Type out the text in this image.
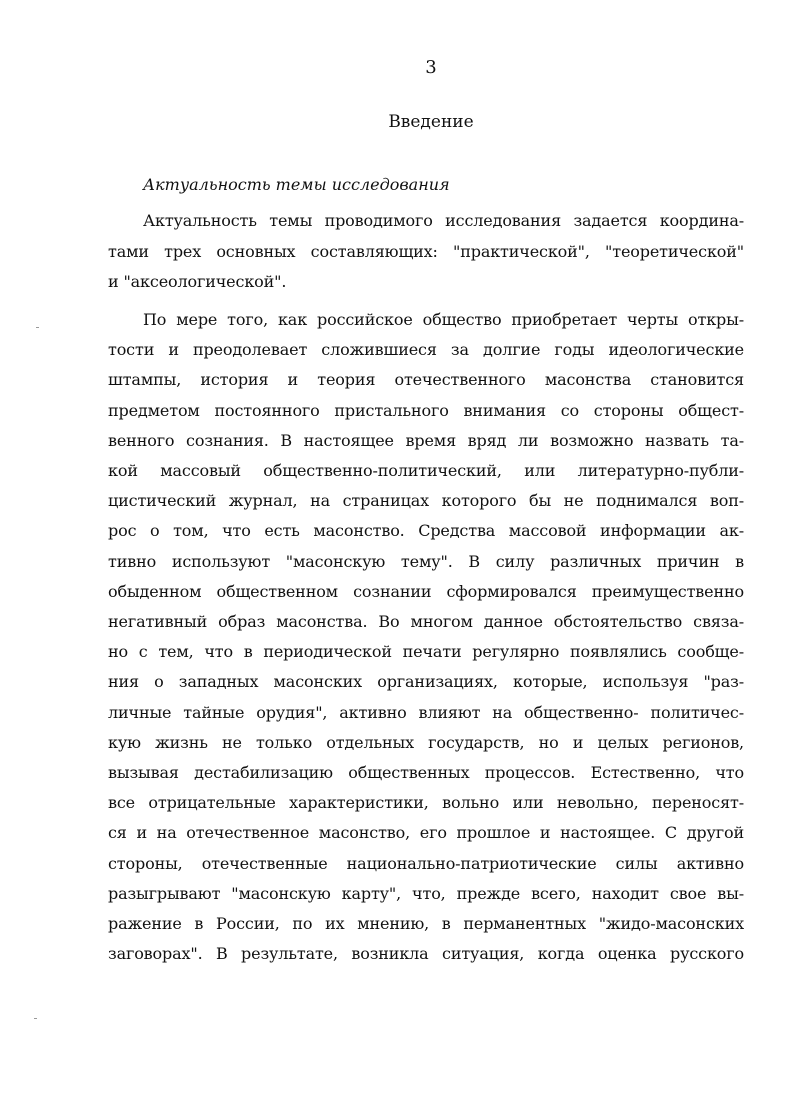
3
Введение
Актуальность темы исследования
Актуальность темы проводимого исследования задается координа-
тами трех основных составляющих: "практической", "теоретической"
и "аксеологической".
По мере того, как российское общество приобретает черты откры-
тости и преодолевает сложившиеся за долгие годы идеологические
штампы, история и теория отечественного масонства становится
предметом постоянного пристального внимания со стороны общест-
венного сознания. В настоящее время вряд ли возможно назвать та-
кой массовый общественно-политический, или литературно-публи-
цистический журнал, на страницах которого бы не поднимался воп-
рос о том, что есть масонство. Средства массовой информации ак-
тивно используют "масонскую тему". В силу различных причин в
обыденном общественном сознании сформировался преимущественно
негативный образ масонства. Во многом данное обстоятельство связа-
но с тем, что в периодической печати регулярно появлялись сообще-
ния о западных масонских организациях, которые, используя "раз-
личные тайные орудия", активно влияют на общественно- политичес-
кую жизнь не только отдельных государств, но и целых регионов,
вызывая дестабилизацию общественных процессов. Естественно, что
все отрицательные характеристики, вольно или невольно, переносят-
ся и на отечественное масонство, его прошлое и настоящее. С другой
стороны, отечественные национально-патриотические силы активно
разыгрывают "масонскую карту", что, прежде всего, находит свое вы-
ражение в России, по их мнению, в перманентных "жидо-масонских
заговорах". В результате, возникла ситуация, когда оценка русского
